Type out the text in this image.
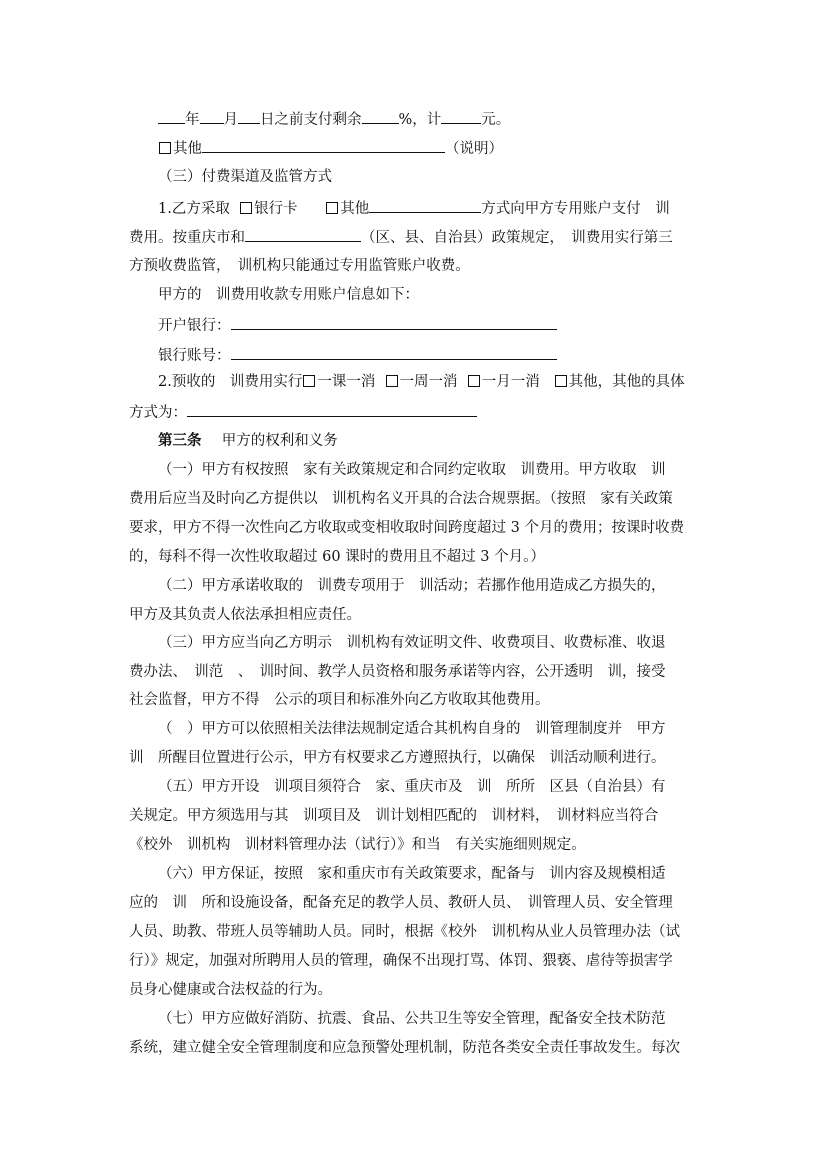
年 月 日之前支付剩余	%，计	元。
其他	（说明）
（三）付费渠道及监管方式
1.乙方采取 银行卡	其他	方式向甲方专用账户支付　训
费用。按重庆市和	（区、县、自治县）政策规定，　训费用实行第三
方预收费监管，　训机构只能通过专用监管账户收费。
甲方的　训费用收款专用账户信息如下：
开户银行：
银行账号：
2.预收的　训费用实行 一课一消 一周一消 一月一消 其他，其他的具体
方式为：
第三条 甲方的权利和义务
（一）甲方有权按照　家有关政策规定和合同约定收取　训费用。甲方收取　训
费用后应当及时向乙方提供以　训机构名义开具的合法合规票据。（按照　家有关政策
要求，甲方不得一次性向乙方收取或变相收取时间跨度超过 3 个月的费用；按课时收费
的，每科不得一次性收取超过 60 课时的费用且不超过 3 个月。）
（二）甲方承诺收取的　训费专项用于　训活动；若挪作他用造成乙方损失的，
甲方及其负责人依法承担相应责任。
（三）甲方应当向乙方明示　训机构有效证明文件、收费项目、收费标准、收退
费办法、　训范　、　训时间、教学人员资格和服务承诺等内容，公开透明　训，接受
社会监督，甲方不得　公示的项目和标准外向乙方收取其他费用。
（　）甲方可以依照相关法律法规制定适合其机构自身的　训管理制度并　甲方
训　所醒目位置进行公示，甲方有权要求乙方遵照执行，以确保　训活动顺利进行。
（五）甲方开设　训项目须符合　家、重庆市及　训　所所　区县（自治县）有
关规定。甲方须选用与其　训项目及　训计划相匹配的　训材料，　训材料应当符合
《校外　训机构　训材料管理办法（试行）》和当　有关实施细则规定。
（六）甲方保证，按照　家和重庆市有关政策要求，配备与　训内容及规模相适
应的　训　所和设施设备，配备充足的教学人员、教研人员、　训管理人员、安全管理
人员、助教、带班人员等辅助人员。同时，根据《校外　训机构从业人员管理办法（试
行）》规定，加强对所聘用人员的管理，确保不出现打骂、体罚、猥亵、虐待等损害学
员身心健康或合法权益的行为。
（七）甲方应做好消防、抗震、食品、公共卫生等安全管理，配备安全技术防范
系统，建立健全安全管理制度和应急预警处理机制，防范各类安全责任事故发生。每次
